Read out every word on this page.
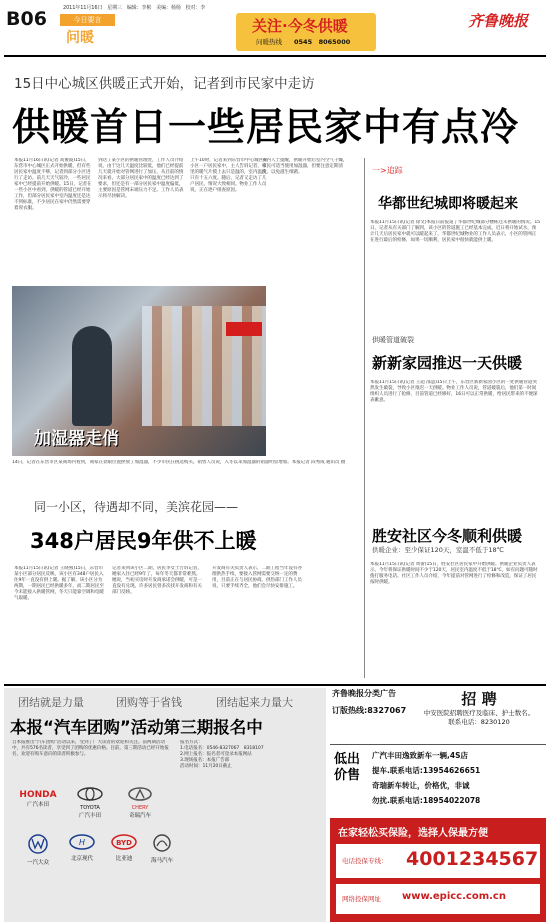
B06	2011年11月16日　星期三　编辑：李彬　美编：杨杨　校对：李
今日要言
问暖
关注·今冬供暖
问暖热线 0545　8065000
齐鲁晚报
15日中心城区供暖正式开始，记者到市民家中走访
供暖首日一些居民家中有点冷

本报11月16日讯(记者 高俊波)15日，东营市中心城区正式开始供暖，但有些居民家中温度不够，记者到部分小区进行了走访。前几天天气较冷，一些居民家中已经提前开始供暖。15日，记者在一些小区中看到，供暖的管道已经开始工作，但部分居民家中室内温度还是达不到标准，不少居民在家中仍然需要穿着厚衣服。

到达了某小区的供暖管理处，工作人员介绍说，由于这几天温度比较低，他们已经提前几天就开始对管网进行了加压，从目前的情况来看，大部分居民家中的温度已经达到了要求，但还是有一部分居民家中温度偏低，主要原因是管网末端压力不足。工作人员表示将尽快解决。

上午10时，记者来到东营市中心城区某小区一户居民家中，主人告诉记者，家里的暖气片摸上去只是温的，室内温度只有十五六度。随后，记者又走访了几户居民，情况大致相同。物业工作人员说，正在逐户排查原因。

业内人士提醒，供暖开始后室内空气干燥，市民可适当使用加湿器，但要注意定期清洗，以免滋生细菌。

加湿器走俏

14日，记者在东营市区某商场内看到，商家在显眼位置摆放了加湿器，不少市民在挑选购买。销售人员说，入冬以来加湿器的销量明显增加。本报记者 段秀成 通讯员 摄

同一小区，待遇却不同，美滨花园——
348户居民9年供不上暖

本报11月15日讯(记者 王晓燕)15日，东营市某小区部分居民反映，该小区有348户居民入住9年一直没有供上暖。据了解，该小区分为两期，一期居民已经供暖多年，而二期居民至今未能接入供暖管网，冬天只能靠空调和电暖气取暖。

记者来到该小区二期，居民李女士告诉记者，她家入住已经9年了，每年冬天都非常难熬。她说，当初买房时开发商承诺会供暖，可是一直没有兑现。许多居民曾多次找开发商和有关部门反映。

开发商有关负责人表示，二期工程当年没有办理供热手续，要接入管网需要交纳一定的费用，目前正在与居民协商。供热部门工作人员说，只要手续齐全，他们会尽快安排施工。

一>追踪
华都世纪城即将暖起来

本报11月15日讯(记者 徐文)本报日前报道了华都世纪城部分楼栋还未供暖的情况。15日，记者从有关部门了解到，该小区的管道施工已经基本完成，近日将开始试水，预计几天后居民家中就可以暖起来了。华都世纪城物业的工作人员表示，小区的管网正在进行最后的检修，如果一切顺利，居民家中很快就能供上暖。

供暖管道破裂
新新家园推迟一天供暖

本报11月15日讯(记者 王超 邵慧)15日上午，东营区新新家园小区的一处供暖管道突然发生破裂，导致小区推迟一天供暖。物业工作人员说，管道破裂后，他们第一时间组织人员进行了抢修，目前管道已经修好，16日可以正常供暖，给居民带来的不便深表歉意。

胜安社区今冬顺利供暖
供暖企业：至少保证120天，室温不低于18℃

本报11月15日讯(记者 周蕾)15日，胜安社区居民家中开始供暖。供暖企业负责人表示，今年将保证供暖时间不少于120天，居民室内温度不低于18℃，如有问题可随时拨打服务电话。社区工作人员介绍，今年提前对管网进行了检修和改造，保证了居民按时供暖。

团结就是力量	团购等于省钱	团结起来力量大
本报“汽车团购”活动第三期报名中

自本报推出“汽车团购”活动以来，受到了广大读者的欢迎和关注。前两期活动中，共有576名读者，享受到了团购的优惠价格。目前，第三期活动已经开始报名，欢迎有购车意向的读者积极参与。

报名方式：
1.电话报名：0546-8327067　8318107
2.网上报名：报名者可登录本报网站
3.现场报名：本报广告部
活动时间：11月20日截止

HONDA
广汽本田	TOYOTA
广汽丰田
CHERY
奇瑞汽车
一汽大众
H
北京现代
BYD
比亚迪	海马汽车
齐鲁晚报分类广告
订版热线:8327067
招 聘
中安医院招聘医疗及临床、护士数名。
联系电话：8230120
低出价售
广汽丰田逸致新车一辆,4S店
提车.联系电话:13954626651
奇瑞新车转让，价格优，非诚
勿扰.联系电话:18954022078
在家轻松买保险，选择人保最方便
电话投保专线： 4001234567
网络投保网址 www.epicc.com.cn
